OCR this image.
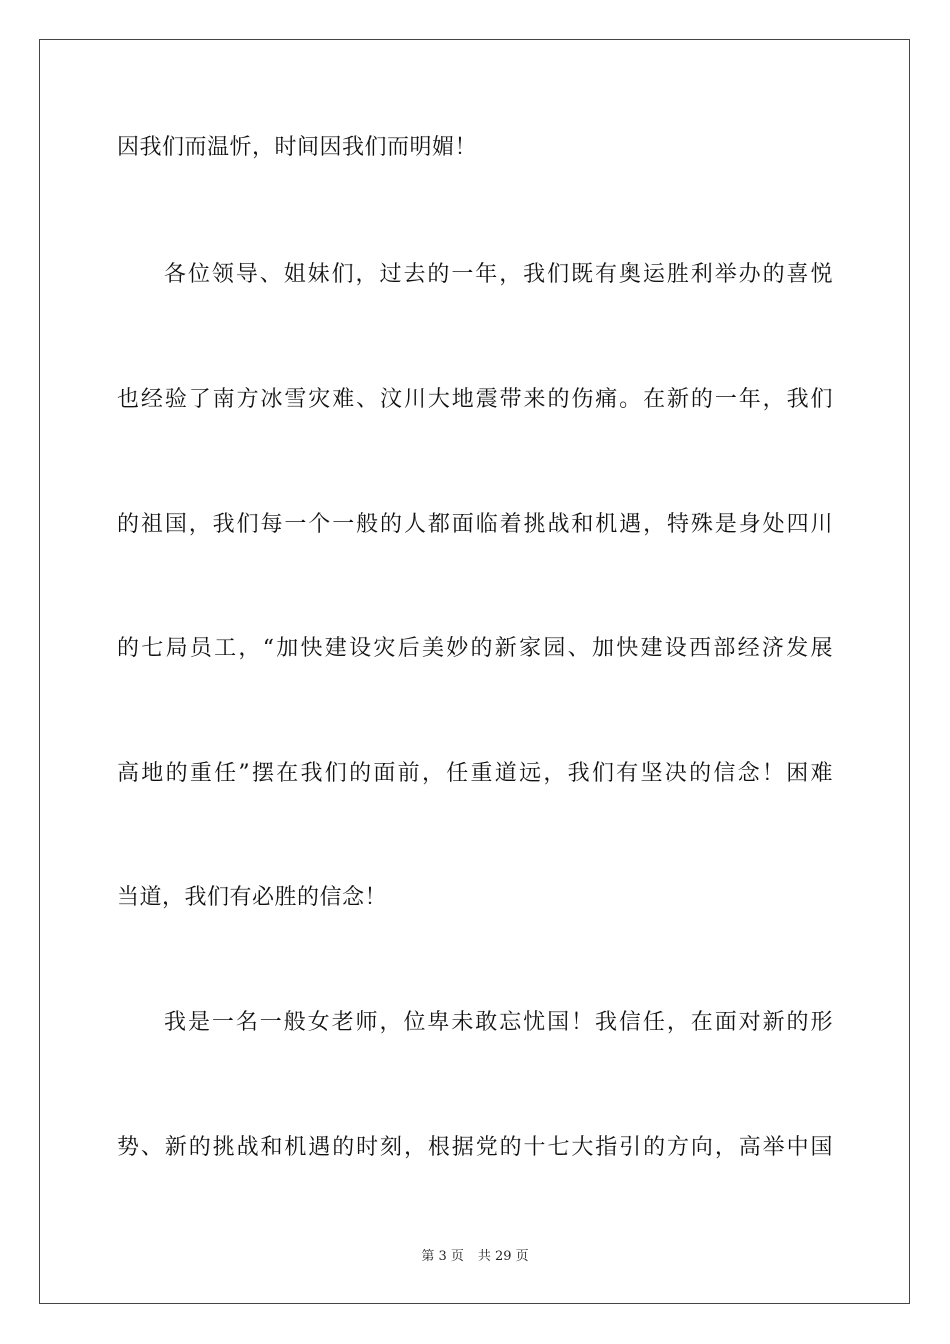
因我们而温忻，时间因我们而明媚！
各位领导、姐妹们，过去的一年，我们既有奥运胜利举办的喜悦
也经验了南方冰雪灾难、汶川大地震带来的伤痛。在新的一年，我们
的祖国，我们每一个一般的人都面临着挑战和机遇，特殊是身处四川
的七局员工，“加快建设灾后美妙的新家园、加快建设西部经济发展
高地的重任”摆在我们的面前，任重道远，我们有坚决的信念！困难
当道，我们有必胜的信念！
我是一名一般女老师，位卑未敢忘忧国！我信任，在面对新的形
势、新的挑战和机遇的时刻，根据党的十七大指引的方向，高举中国
第 3 页 共 29 页
